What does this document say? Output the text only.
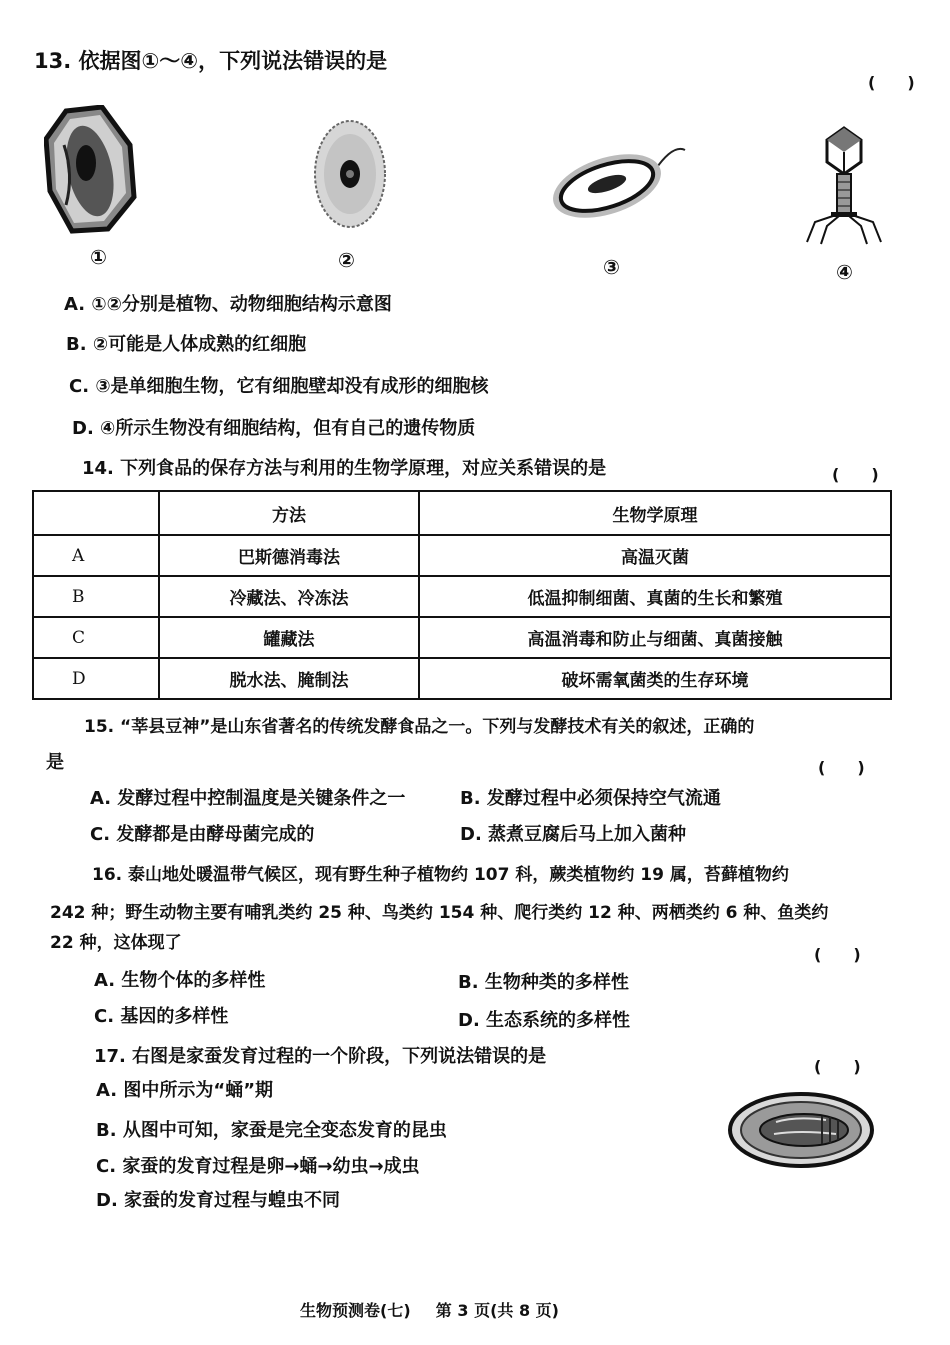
13. 依据图①～④，下列说法错误的是
(　　)
①	②	③	④
A. ①②分别是植物、动物细胞结构示意图
B. ②可能是人体成熟的红细胞
C. ③是单细胞生物，它有细胞壁却没有成形的细胞核
D. ④所示生物没有细胞结构，但有自己的遗传物质
14. 下列食品的保存方法与利用的生物学原理，对应关系错误的是	(　　)
	方法	生物学原理
A	巴斯德消毒法	高温灭菌
B	冷藏法、冷冻法	低温抑制细菌、真菌的生长和繁殖
C	罐藏法	高温消毒和防止与细菌、真菌接触
D	脱水法、腌制法	破坏需氧菌类的生存环境
15. “莘县豆神”是山东省著名的传统发酵食品之一。下列与发酵技术有关的叙述，正确的
是	(　　)
A. 发酵过程中控制温度是关键条件之一	B. 发酵过程中必须保持空气流通
C. 发酵都是由酵母菌完成的	D. 蒸煮豆腐后马上加入菌种
16. 泰山地处暖温带气候区，现有野生种子植物约 107 科，蕨类植物约 19 属，苔藓植物约
242 种；野生动物主要有哺乳类约 25 种、鸟类约 154 种、爬行类约 12 种、两栖类约 6 种、鱼类约
22 种，这体现了
(　　)
A. 生物个体的多样性	B. 生物种类的多样性
C. 基因的多样性	D. 生态系统的多样性
17. 右图是家蚕发育过程的一个阶段，下列说法错误的是	(　　)
A. 图中所示为“蛹”期
B. 从图中可知，家蚕是完全变态发育的昆虫
C. 家蚕的发育过程是卵→蛹→幼虫→成虫
D. 家蚕的发育过程与蝗虫不同
生物预测卷(七) 第 3 页(共 8 页)
